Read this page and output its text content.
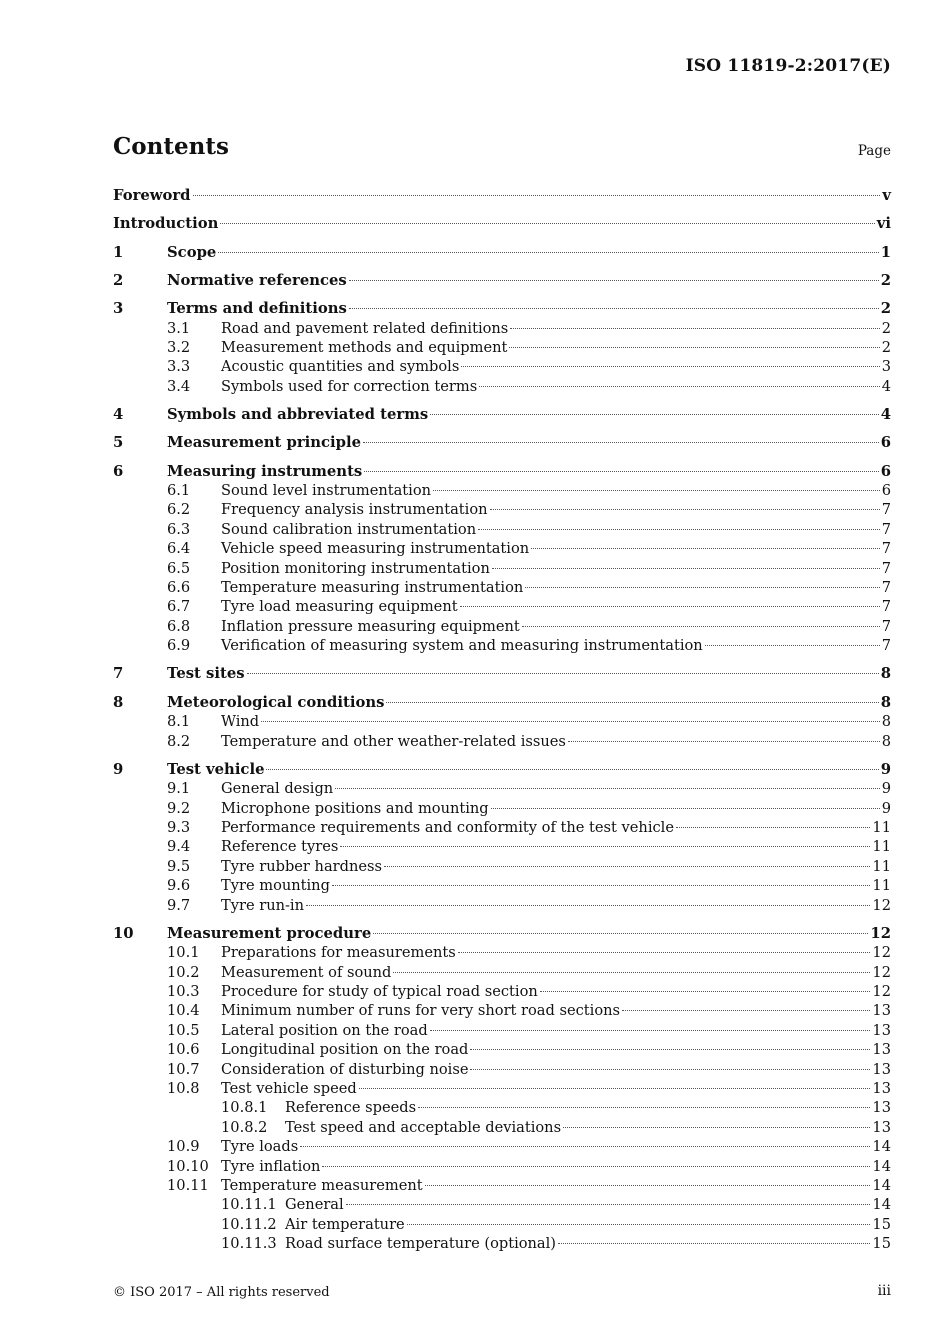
ISO 11819-2:2017(E)
Contents	Page
Foreword	v
Introduction	vi
1	Scope	1
2	Normative references	2
3	Terms and definitions	2
3.1	Road and pavement related definitions	2
3.2	Measurement methods and equipment	2
3.3	Acoustic quantities and symbols	3
3.4	Symbols used for correction terms	4
4	Symbols and abbreviated terms	4
5	Measurement principle	6
6	Measuring instruments	6
6.1	Sound level instrumentation	6
6.2	Frequency analysis instrumentation	7
6.3	Sound calibration instrumentation	7
6.4	Vehicle speed measuring instrumentation	7
6.5	Position monitoring instrumentation	7
6.6	Temperature measuring instrumentation	7
6.7	Tyre load measuring equipment	7
6.8	Inflation pressure measuring equipment	7
6.9	Verification of measuring system and measuring instrumentation	7
7	Test sites	8
8	Meteorological conditions	8
8.1	Wind	8
8.2	Temperature and other weather-related issues	8
9	Test vehicle	9
9.1	General design	9
9.2	Microphone positions and mounting	9
9.3	Performance requirements and conformity of the test vehicle	11
9.4	Reference tyres	11
9.5	Tyre rubber hardness	11
9.6	Tyre mounting	11
9.7	Tyre run-in	12
10	Measurement procedure	12
10.1	Preparations for measurements	12
10.2	Measurement of sound	12
10.3	Procedure for study of typical road section	12
10.4	Minimum number of runs for very short road sections	13
10.5	Lateral position on the road	13
10.6	Longitudinal position on the road	13
10.7	Consideration of disturbing noise	13
10.8	Test vehicle speed	13
10.8.1	Reference speeds	13
10.8.2	Test speed and acceptable deviations	13
10.9	Tyre loads	14
10.10 Tyre inflation	14
10.11 Temperature measurement	14
10.11.1 General	14
10.11.2 Air temperature	15
10.11.3 Road surface temperature (optional)	15
© ISO 2017 – All rights reserved	iii
